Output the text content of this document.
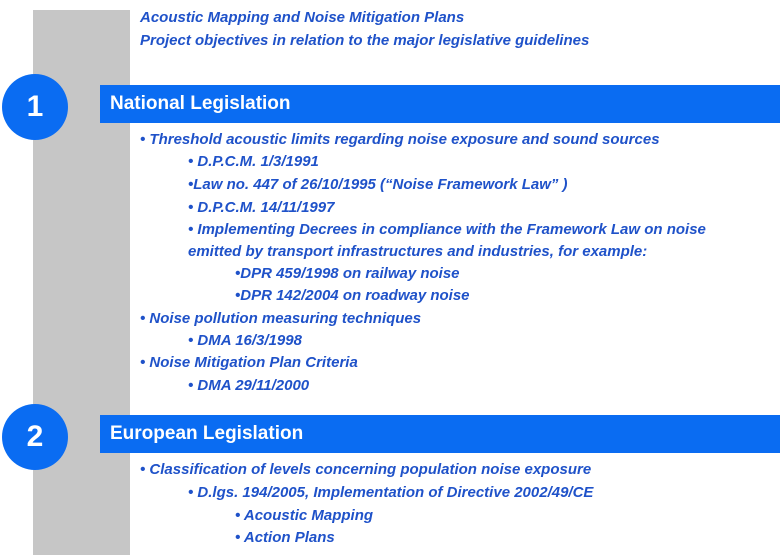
Acoustic Mapping and Noise Mitigation Plans
Project objectives in relation to the major legislative guidelines
National Legislation
1
• Threshold acoustic limits regarding noise exposure and sound sources
• D.P.C.M. 1/3/1991
•Law no. 447 of 26/10/1995 (“Noise Framework Law” )
• D.P.C.M. 14/11/1997
• Implementing Decrees in compliance with the Framework Law on noise
emitted by transport infrastructures and industries, for example:
•DPR 459/1998 on railway noise
•DPR 142/2004 on roadway noise
• Noise pollution measuring techniques
• DMA 16/3/1998
• Noise Mitigation Plan Criteria
• DMA 29/11/2000
European Legislation
2
• Classification of levels concerning population noise exposure
• D.lgs. 194/2005, Implementation of Directive 2002/49/CE
• Acoustic Mapping
• Action Plans
